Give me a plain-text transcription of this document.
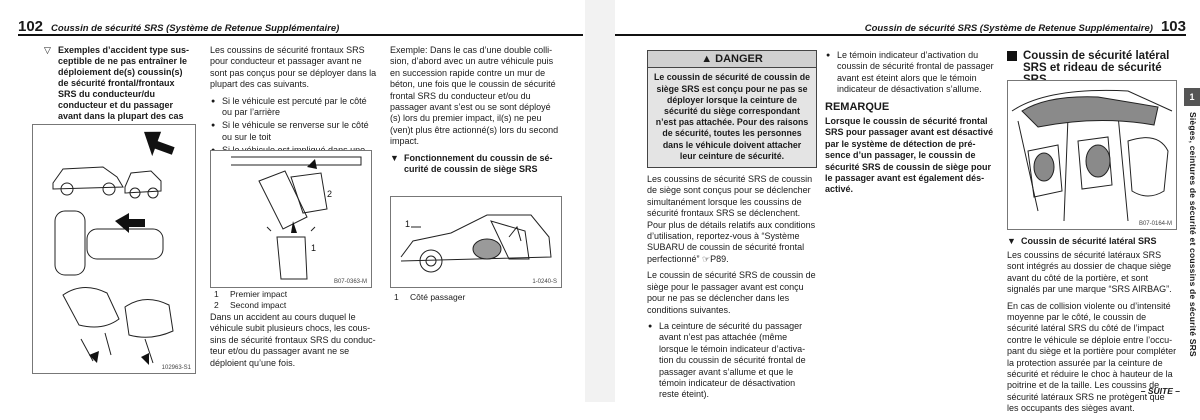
102 Coussin de sécurité SRS (Système de Retenue Supplémentaire)
▽ Exemples d’accident type sus-ceptible de ne pas entraîner le déploiement de(s) coussin(s) de sécurité frontal/frontaux SRS du conducteur/du conducteur et du passager avant dans la plupart des cas
102963-S1

Les coussins de sécurité frontaux SRS pour conducteur et passager avant ne sont pas conçus pour se déployer dans la plupart des cas suivants.

● Si le véhicule est percuté par le côté ou par l’arrière
● Si le véhicule se renverse sur le côté ou sur le toit
●
2
1
B07-0363-M
1	Premier impact
2	Second impact

Dans un accident au cours duquel le véhicule subit plusieurs chocs, les cous-sins de sécurité frontaux SRS du conduc-teur et/ou du passager avant ne se déploient qu’une fois.

Exemple: Dans le cas d’une double colli-sion, d’abord avec un autre véhicule puis en succession rapide contre un mur de béton, une fois que le coussin de sécurité frontal SRS du conducteur et/ou du passager avant s’est ou se sont déployé (s) lors du premier impact, il(s) ne peu (ven)t plus être actionné(s) lors du second impact.

▼ Fonctionnement du coussin de sé-curité de coussin de siège SRS
1
1-0240-S
1	Côté passager
Coussin de sécurité SRS (Système de Retenue Supplémentaire) 103
▲ DANGER
Le coussin de sécurité de coussin de siège SRS est conçu pour ne pas se déployer lorsque la ceinture de sécurité du siège correspondant n’est pas attachée. Pour des raisons de sécurité, toutes les personnes dans le véhicule doivent attacher leur ceinture de sécurité.

Les coussins de sécurité SRS de coussin de siège sont conçus pour se déclencher simultanément lorsque les coussins de sécurité frontaux SRS se déclenchent. Pour plus de détails relatifs aux conditions d’utilisation, reportez-vous à “Système SUBARU de coussin de sécurité frontal perfectionné” ☞P89.

Le coussin de sécurité SRS de coussin de siège pour le passager avant est conçu pour ne pas se déclencher dans les conditions suivantes.

● La ceinture de sécurité du passager avant n’est pas attachée (même lorsque le témoin indicateur d’activa-tion du coussin de sécurité frontal de passager avant s’allume et que le témoin indicateur de désactivation reste éteint).
● Le témoin indicateur d’activation du coussin de sécurité frontal de passager avant est éteint alors que le témoin indicateur de désactivation s’allume.
REMARQUE

Lorsque le coussin de sécurité frontal SRS pour passager avant est désactivé par le système de détection de pré-sence d’un passager, le coussin de sécurité SRS de coussin de siège pour le passager avant est également dés-activé.

Coussin de sécurité latéral SRS et rideau de sécurité
B07-0164-M
▼ Coussin de sécurité latéral SRS

Les coussins de sécurité latéraux SRS sont intégrés au dossier de chaque siège avant du côté de la portière, et sont signalés par une marque “SRS AIRBAG”.

En cas de collision violente ou d’intensité moyenne par le côté, le coussin de sécurité latéral SRS du côté de l’impact contre le véhicule se déploie entre l’occu-pant du siège et la portière pour compléter la protection assurée par la ceinture de sécurité et réduire le choc à hauteur de la poitrine et de la taille. Les coussins de sécurité latéraux SRS ne protègent que les occupants des sièges avant.

1
Sièges, ceintures de sécurité et coussins de sécurité SRS
– SUITE –
